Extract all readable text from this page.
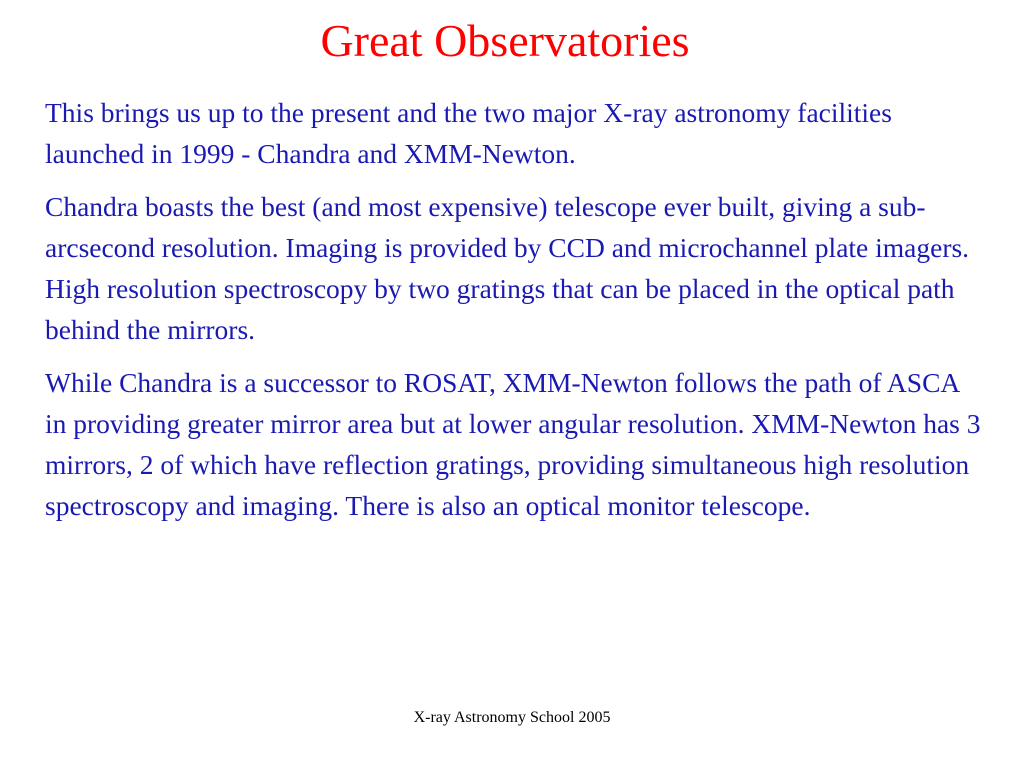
Great Observatories

This brings us up to the present and the two major X-ray astronomy facilities launched in 1999 - Chandra and XMM-Newton.

Chandra boasts the best (and most expensive) telescope ever built, giving a sub-arcsecond resolution. Imaging is provided by CCD and microchannel plate imagers. High resolution spectroscopy by two gratings that can be placed in the optical path behind the mirrors.

While Chandra is a successor to ROSAT, XMM-Newton follows the path of ASCA in providing greater mirror area but at lower angular resolution. XMM-Newton has 3 mirrors, 2 of which have reflection gratings, providing simultaneous high resolution spectroscopy and imaging. There is also an optical monitor telescope.

X-ray Astronomy School 2005
